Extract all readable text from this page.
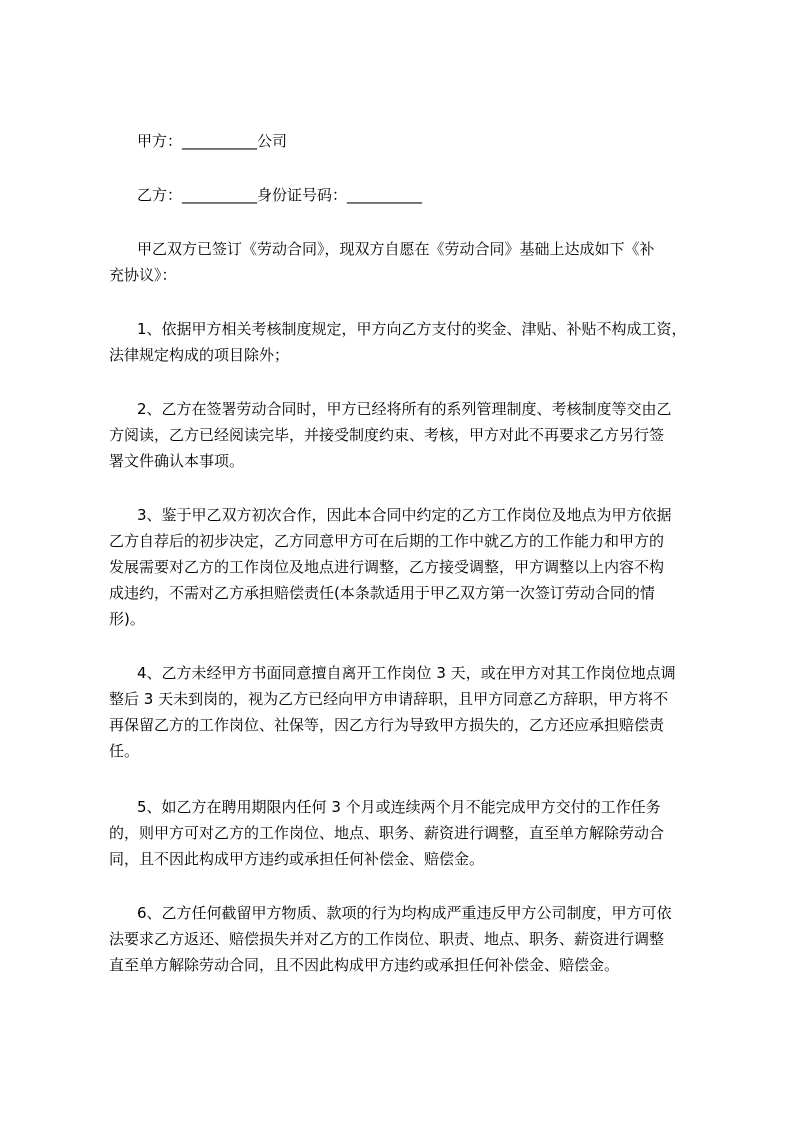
甲方：__________公司
乙方：__________身份证号码：__________
甲乙双方已签订《劳动合同》，现双方自愿在《劳动合同》基础上达成如下《补
充协议》：
1、依据甲方相关考核制度规定，甲方向乙方支付的奖金、津贴、补贴不构成工资，
法律规定构成的项目除外；
2、乙方在签署劳动合同时，甲方已经将所有的系列管理制度、考核制度等交由乙
方阅读，乙方已经阅读完毕，并接受制度约束、考核，甲方对此不再要求乙方另行签
署文件确认本事项。
3、鉴于甲乙双方初次合作，因此本合同中约定的乙方工作岗位及地点为甲方依据
乙方自荐后的初步决定，乙方同意甲方可在后期的工作中就乙方的工作能力和甲方的
发展需要对乙方的工作岗位及地点进行调整，乙方接受调整，甲方调整以上内容不构
成违约，不需对乙方承担赔偿责任(本条款适用于甲乙双方第一次签订劳动合同的情
形)。
4、乙方未经甲方书面同意擅自离开工作岗位 3 天，或在甲方对其工作岗位地点调
整后 3 天未到岗的，视为乙方已经向甲方申请辞职，且甲方同意乙方辞职，甲方将不
再保留乙方的工作岗位、社保等，因乙方行为导致甲方损失的，乙方还应承担赔偿责
任。
5、如乙方在聘用期限内任何 3 个月或连续两个月不能完成甲方交付的工作任务
的，则甲方可对乙方的工作岗位、地点、职务、薪资进行调整，直至单方解除劳动合
同，且不因此构成甲方违约或承担任何补偿金、赔偿金。
6、乙方任何截留甲方物质、款项的行为均构成严重违反甲方公司制度，甲方可依
法要求乙方返还、赔偿损失并对乙方的工作岗位、职责、地点、职务、薪资进行调整
直至单方解除劳动合同，且不因此构成甲方违约或承担任何补偿金、赔偿金。
